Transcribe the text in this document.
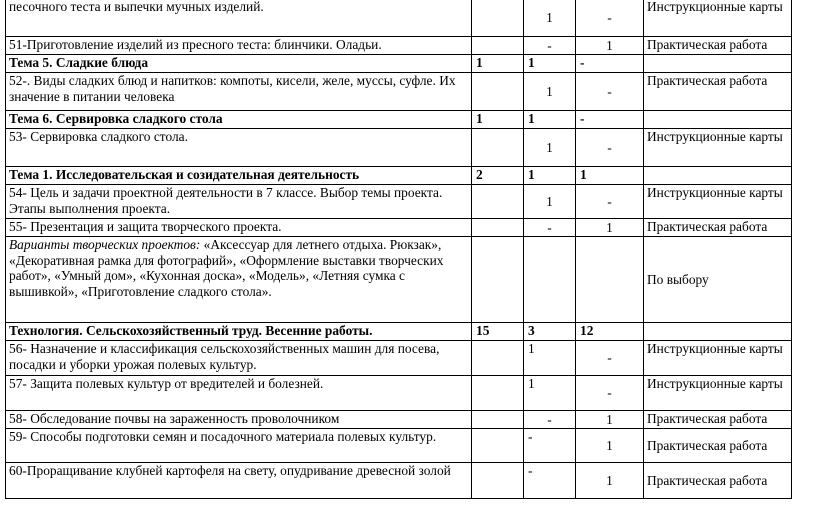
песочного теста и выпечки мучных изделий.		1	-	Инструкционные карты
51-Приготовление изделий из пресного теста: блинчики. Оладьи.		-	1	Практическая работа
Тема 5. Сладкие блюда	1	1	-	
52-. Виды сладких блюд и напитков: компоты, кисели, желе, муссы, суфле. Их значение в питании человека		1	-	Практическая работа
Тема 6. Сервировка сладкого стола	1	1	-	
53- Сервировка сладкого стола.		1	-	Инструкционные карты
Тема 1. Исследовательская и созидательная деятельность	2	1	1	
54- Цель и задачи проектной деятельности в 7 классе. Выбор темы проекта. Этапы выполнения проекта.		1	-	Инструкционные карты
55- Презентация и защита творческого проекта.		-	1	Практическая работа
Варианты творческих проектов: «Аксессуар для летнего отдыха. Рюкзак», «Декоративная рамка для фотографий», «Оформление выставки творческих работ», «Умный дом», «Кухонная доска», «Модель», «Летняя сумка с вышивкой», «Приготовление сладкого стола».				По выбору
Технология. Сельскохозяйственный труд. Весенние работы.	15	3	12	
56- Назначение и классификация сельскохозяйственных машин для посева, посадки и уборки урожая полевых культур.		1	-	Инструкционные карты
57- Защита полевых культур от вредителей и болезней.		1	-	Инструкционные карты
58- Обследование почвы на зараженность проволочником		-	1	Практическая работа
59- Способы подготовки семян и посадочного материала полевых культур.		-	1	Практическая работа
60-Проращивание клубней картофеля на свету, опудривание древесной золой		-	1	Практическая работа
